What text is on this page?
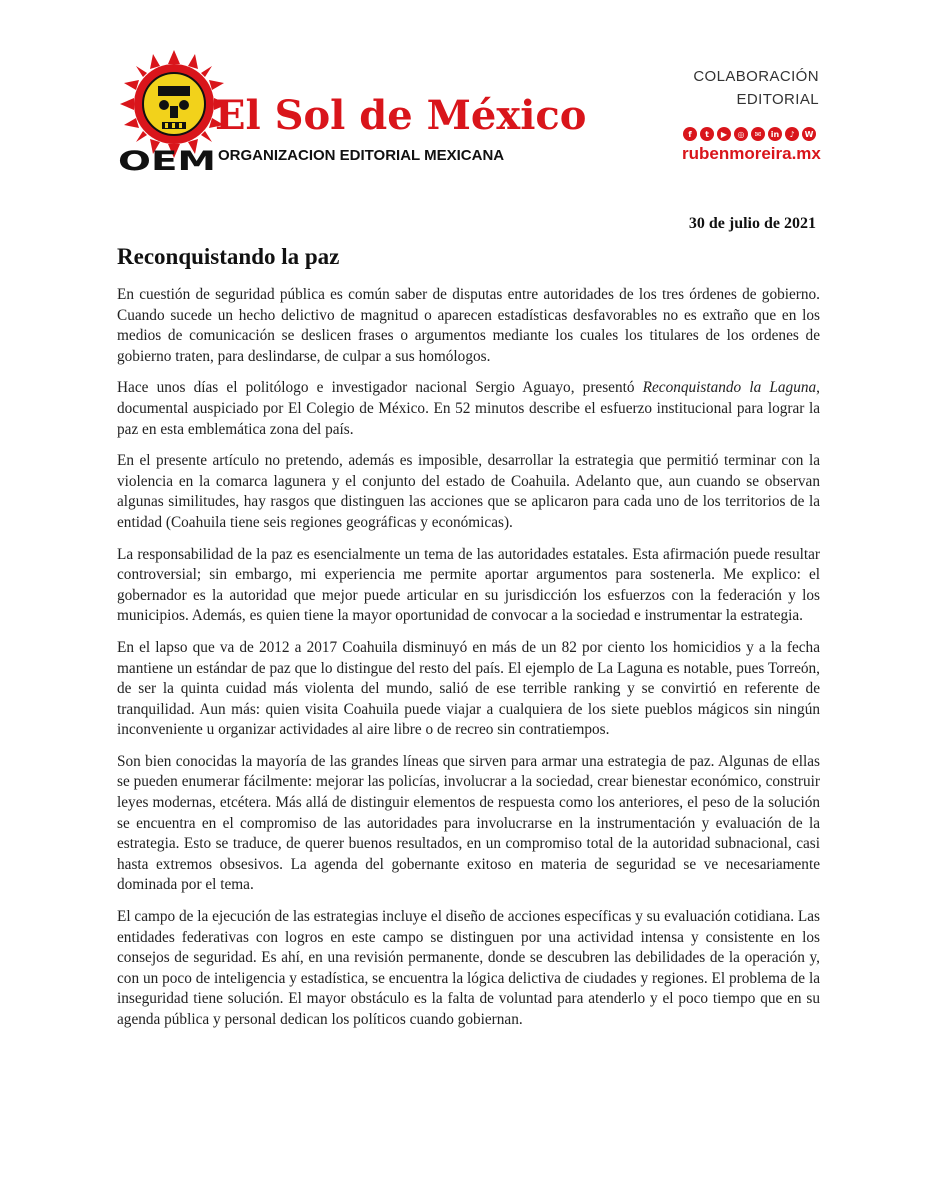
El Sol de México
OEM ORGANIZACION EDITORIAL MEXICANA
COLABORACIÓN
EDITORIAL
f	t	▶	◎	✉	in	♪	W
rubenmoreira.mx
30 de julio de 2021
Reconquistando la paz

En cuestión de seguridad pública es común saber de disputas entre autoridades de los tres órdenes de gobierno. Cuando sucede un hecho delictivo de magnitud o aparecen estadísticas desfavorables no es extraño que en los medios de comunicación se deslicen frases o argumentos mediante los cuales los titulares de los ordenes de gobierno traten, para deslindarse, de culpar a sus homólogos.

Hace unos días el politólogo e investigador nacional Sergio Aguayo, presentó Reconquistando la Laguna, documental auspiciado por El Colegio de México. En 52 minutos describe el esfuerzo institucional para lograr la paz en esta emblemática zona del país.

En el presente artículo no pretendo, además es imposible, desarrollar la estrategia que permitió terminar con la violencia en la comarca lagunera y el conjunto del estado de Coahuila. Adelanto que, aun cuando se observan algunas similitudes, hay rasgos que distinguen las acciones que se aplicaron para cada uno de los territorios de la entidad (Coahuila tiene seis regiones geográficas y económicas).

La responsabilidad de la paz es esencialmente un tema de las autoridades estatales. Esta afirmación puede resultar controversial; sin embargo, mi experiencia me permite aportar argumentos para sostenerla. Me explico: el gobernador es la autoridad que mejor puede articular en su jurisdicción los esfuerzos con la federación y los municipios. Además, es quien tiene la mayor oportunidad de convocar a la sociedad e instrumentar la estrategia.

En el lapso que va de 2012 a 2017 Coahuila disminuyó en más de un 82 por ciento los homicidios y a la fecha mantiene un estándar de paz que lo distingue del resto del país. El ejemplo de La Laguna es notable, pues Torreón, de ser la quinta cuidad más violenta del mundo, salió de ese terrible ranking y se convirtió en referente de tranquilidad. Aun más: quien visita Coahuila puede viajar a cualquiera de los siete pueblos mágicos sin ningún inconveniente u organizar actividades al aire libre o de recreo sin contratiempos.

Son bien conocidas la mayoría de las grandes líneas que sirven para armar una estrategia de paz. Algunas de ellas se pueden enumerar fácilmente: mejorar las policías, involucrar a la sociedad, crear bienestar económico, construir leyes modernas, etcétera. Más allá de distinguir elementos de respuesta como los anteriores, el peso de la solución se encuentra en el compromiso de las autoridades para involucrarse en la instrumentación y evaluación de la estrategia. Esto se traduce, de querer buenos resultados, en un compromiso total de la autoridad subnacional, casi hasta extremos obsesivos. La agenda del gobernante exitoso en materia de seguridad se ve necesariamente dominada por el tema.

El campo de la ejecución de las estrategias incluye el diseño de acciones específicas y su evaluación cotidiana. Las entidades federativas con logros en este campo se distinguen por una actividad intensa y consistente en los consejos de seguridad. Es ahí, en una revisión permanente, donde se descubren las debilidades de la operación y, con un poco de inteligencia y estadística, se encuentra la lógica delictiva de ciudades y regiones. El problema de la inseguridad tiene solución. El mayor obstáculo es la falta de voluntad para atenderlo y el poco tiempo que en su agenda pública y personal dedican los políticos cuando gobiernan.
